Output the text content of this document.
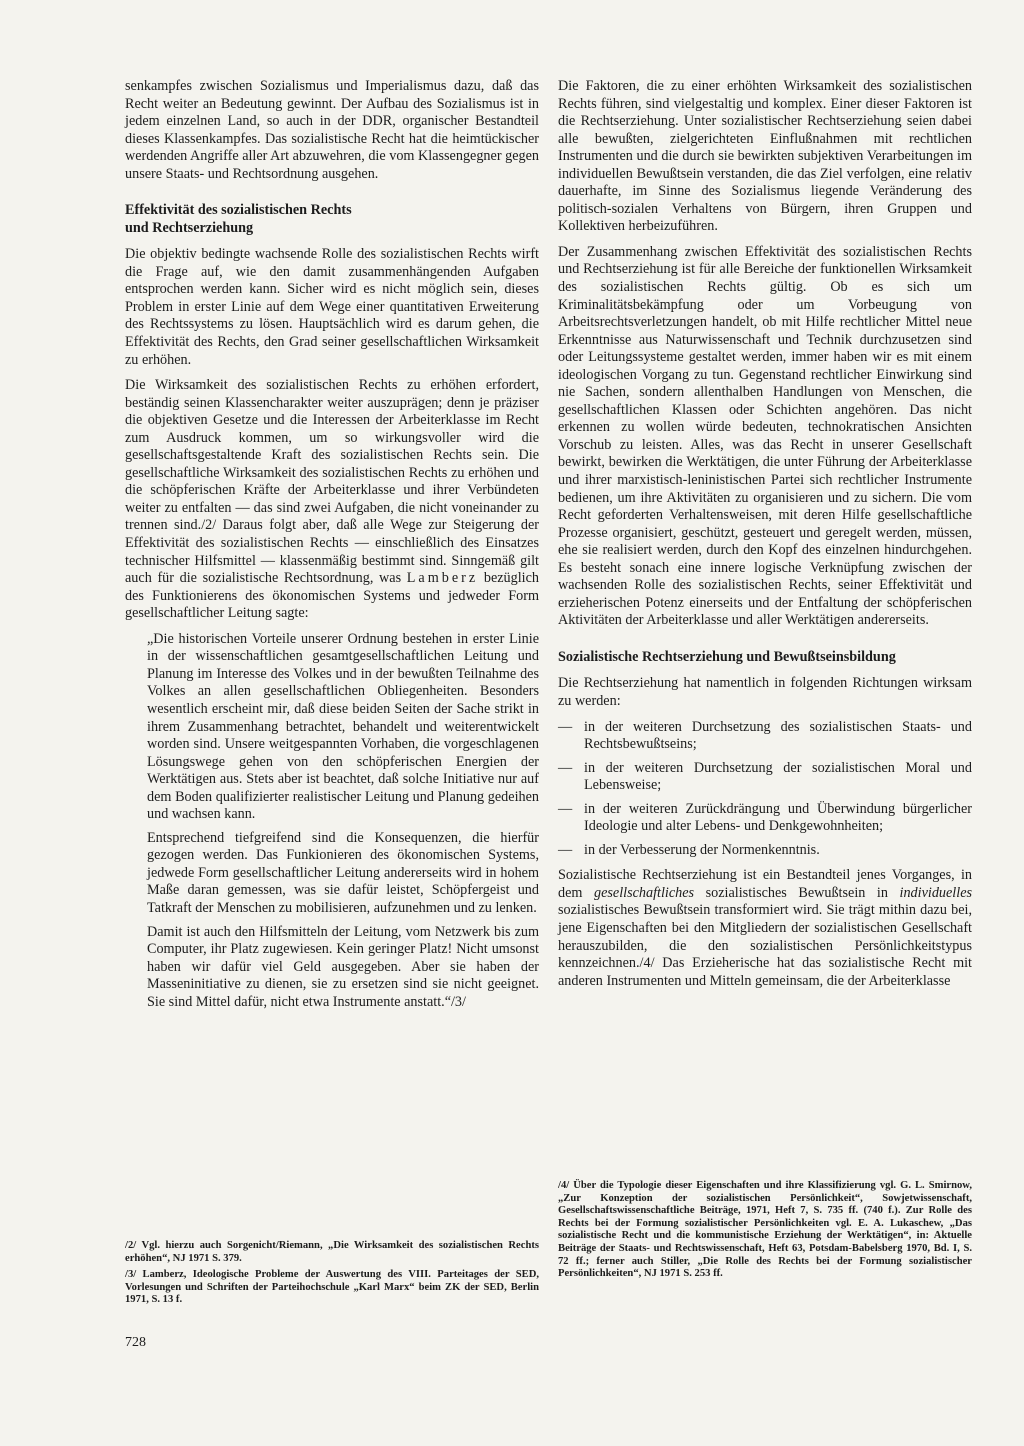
senkampfes zwischen Sozialismus und Imperialismus dazu, daß das Recht weiter an Bedeutung gewinnt. Der Aufbau des Sozialismus ist in jedem einzelnen Land, so auch in der DDR, organischer Bestandteil dieses Klassenkampfes. Das sozialistische Recht hat die heimtückischer werdenden Angriffe aller Art abzuwehren, die vom Klassengegner gegen unsere Staats- und Rechtsordnung ausgehen.

Effektivität des sozialistischen Rechts
und Rechtserziehung

Die objektiv bedingte wachsende Rolle des sozialistischen Rechts wirft die Frage auf, wie den damit zusammenhängenden Aufgaben entsprochen werden kann. Sicher wird es nicht möglich sein, dieses Problem in erster Linie auf dem Wege einer quantitativen Erweiterung des Rechtssystems zu lösen. Hauptsächlich wird es darum gehen, die Effektivität des Rechts, den Grad seiner gesellschaftlichen Wirksamkeit zu erhöhen.

Die Wirksamkeit des sozialistischen Rechts zu erhöhen erfordert, beständig seinen Klassencharakter weiter auszuprägen; denn je präziser die objektiven Gesetze und die Interessen der Arbeiterklasse im Recht zum Ausdruck kommen, um so wirkungsvoller wird die gesellschaftsgestaltende Kraft des sozialistischen Rechts sein. Die gesellschaftliche Wirksamkeit des sozialistischen Rechts zu erhöhen und die schöpferischen Kräfte der Arbeiterklasse und ihrer Verbündeten weiter zu entfalten — das sind zwei Aufgaben, die nicht voneinander zu trennen sind./2/ Daraus folgt aber, daß alle Wege zur Steigerung der Effektivität des sozialistischen Rechts — einschließlich des Einsatzes technischer Hilfsmittel — klassenmäßig bestimmt sind. Sinngemäß gilt auch für die sozialistische Rechtsordnung, was Lamberz bezüglich des Funktionierens des ökonomischen Systems und jedweder Form gesellschaftlicher Leitung sagte:

„Die historischen Vorteile unserer Ordnung bestehen in erster Linie in der wissenschaftlichen gesamtgesellschaftlichen Leitung und Planung im Interesse des Volkes und in der bewußten Teilnahme des Volkes an allen gesellschaftlichen Obliegenheiten. Besonders wesentlich erscheint mir, daß diese beiden Seiten der Sache strikt in ihrem Zusammenhang betrachtet, behandelt und weiterentwickelt worden sind. Unsere weitgespannten Vorhaben, die vorgeschlagenen Lösungswege gehen von den schöpferischen Energien der Werktätigen aus. Stets aber ist beachtet, daß solche Initiative nur auf dem Boden qualifizierter realistischer Leitung und Planung gedeihen und wachsen kann.

Entsprechend tiefgreifend sind die Konsequenzen, die hierfür gezogen werden. Das Funkionieren des ökonomischen Systems, jedwede Form gesellschaftlicher Leitung andererseits wird in hohem Maße daran gemessen, was sie dafür leistet, Schöpfergeist und Tatkraft der Menschen zu mobilisieren, aufzunehmen und zu lenken.

Damit ist auch den Hilfsmitteln der Leitung, vom Netzwerk bis zum Computer, ihr Platz zugewiesen. Kein geringer Platz! Nicht umsonst haben wir dafür viel Geld ausgegeben. Aber sie haben der Masseninitiative zu dienen, sie zu ersetzen sind sie nicht geeignet. Sie sind Mittel dafür, nicht etwa Instrumente anstatt.“/3/

Die Faktoren, die zu einer erhöhten Wirksamkeit des sozialistischen Rechts führen, sind vielgestaltig und komplex. Einer dieser Faktoren ist die Rechtserziehung. Unter sozialistischer Rechtserziehung seien dabei alle bewußten, zielgerichteten Einflußnahmen mit rechtlichen Instrumenten und die durch sie bewirkten subjektiven Verarbeitungen im individuellen Bewußtsein verstanden, die das Ziel verfolgen, eine relativ dauerhafte, im Sinne des Sozialismus liegende Veränderung des politisch-sozialen Verhaltens von Bürgern, ihren Gruppen und Kollektiven herbeizuführen.

Der Zusammenhang zwischen Effektivität des sozialistischen Rechts und Rechtserziehung ist für alle Bereiche der funktionellen Wirksamkeit des sozialistischen Rechts gültig. Ob es sich um Kriminalitätsbekämpfung oder um Vorbeugung von Arbeitsrechtsverletzungen handelt, ob mit Hilfe rechtlicher Mittel neue Erkenntnisse aus Naturwissenschaft und Technik durchzusetzen sind oder Leitungssysteme gestaltet werden, immer haben wir es mit einem ideologischen Vorgang zu tun. Gegenstand rechtlicher Einwirkung sind nie Sachen, sondern allenthalben Handlungen von Menschen, die gesellschaftlichen Klassen oder Schichten angehören. Das nicht erkennen zu wollen würde bedeuten, technokratischen Ansichten Vorschub zu leisten. Alles, was das Recht in unserer Gesellschaft bewirkt, bewirken die Werktätigen, die unter Führung der Arbeiterklasse und ihrer marxistisch-leninistischen Partei sich rechtlicher Instrumente bedienen, um ihre Aktivitäten zu organisieren und zu sichern. Die vom Recht geforderten Verhaltensweisen, mit deren Hilfe gesellschaftliche Prozesse organisiert, geschützt, gesteuert und geregelt werden, müssen, ehe sie realisiert werden, durch den Kopf des einzelnen hindurchgehen. Es besteht sonach eine innere logische Verknüpfung zwischen der wachsenden Rolle des sozialistischen Rechts, seiner Effektivität und erzieherischen Potenz einerseits und der Entfaltung der schöpferischen Aktivitäten der Arbeiterklasse und aller Werktätigen andererseits.

Sozialistische Rechtserziehung und Bewußtseinsbildung

Die Rechtserziehung hat namentlich in folgenden Richtungen wirksam zu werden:

— in der weiteren Durchsetzung des sozialistischen Staats- und Rechtsbewußtseins;
— in der weiteren Durchsetzung der sozialistischen Moral und Lebensweise;
— in der weiteren Zurückdrängung und Überwindung bürgerlicher Ideologie und alter Lebens- und Denkgewohnheiten;
— in der Verbesserung der Normenkenntnis.

Sozialistische Rechtserziehung ist ein Bestandteil jenes Vorganges, in dem gesellschaftliches sozialistisches Bewußtsein in individuelles sozialistisches Bewußtsein transformiert wird. Sie trägt mithin dazu bei, jene Eigenschaften bei den Mitgliedern der sozialistischen Gesellschaft herauszubilden, die den sozialistischen Persönlichkeitstypus kennzeichnen./4/ Das Erzieherische hat das sozialistische Recht mit anderen Instrumenten und Mitteln gemeinsam, die der Arbeiterklasse

/2/ Vgl. hierzu auch Sorgenicht/Riemann, „Die Wirksamkeit des sozialistischen Rechts erhöhen“, NJ 1971 S. 379.

/3/ Lamberz, Ideologische Probleme der Auswertung des VIII. Parteitages der SED, Vorlesungen und Schriften der Parteihochschule „Karl Marx“ beim ZK der SED, Berlin 1971, S. 13 f.

/4/ Über die Typologie dieser Eigenschaften und ihre Klassifizierung vgl. G. L. Smirnow, „Zur Konzeption der sozialistischen Persönlichkeit“, Sowjetwissenschaft, Gesellschaftswissenschaftliche Beiträge, 1971, Heft 7, S. 735 ff. (740 f.). Zur Rolle des Rechts bei der Formung sozialistischer Persönlichkeiten vgl. E. A. Lukaschew, „Das sozialistische Recht und die kommunistische Erziehung der Werktätigen“, in: Aktuelle Beiträge der Staats- und Rechtswissenschaft, Heft 63, Potsdam-Babelsberg 1970, Bd. I, S. 72 ff.; ferner auch Stiller, „Die Rolle des Rechts bei der Formung sozialistischer Persönlichkeiten“, NJ 1971 S. 253 ff.

728
